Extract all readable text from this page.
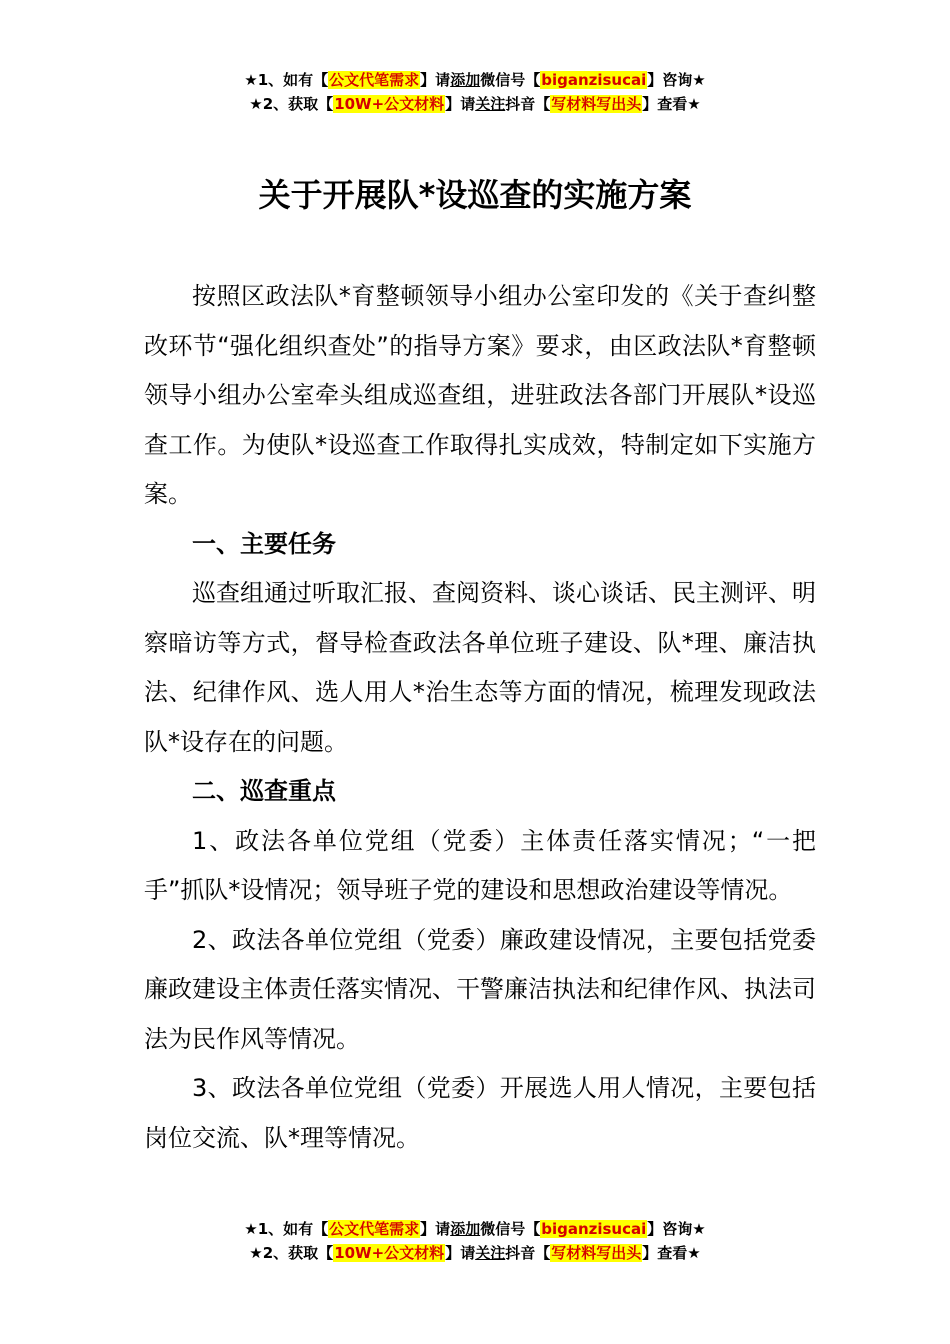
★1、如有【公文代笔需求】请添加微信号【biganzisucai】咨询★
★2、获取【10W+公文材料】请关注抖音【写材料写出头】查看★
关于开展队*设巡查的实施方案

按照区政法队*育整顿领导小组办公室印发的《关于查纠整改环节“强化组织查处”的指导方案》要求，由区政法队*育整顿领导小组办公室牵头组成巡查组，进驻政法各部门开展队*设巡查工作。为使队*设巡查工作取得扎实成效，特制定如下实施方案。

一、主要任务

巡查组通过听取汇报、查阅资料、谈心谈话、民主测评、明察暗访等方式，督导检查政法各单位班子建设、队*理、廉洁执法、纪律作风、选人用人*治生态等方面的情况，梳理发现政法队*设存在的问题。

二、巡查重点

1、政法各单位党组（党委）主体责任落实情况；“一把手”抓队*设情况；领导班子党的建设和思想政治建设等情况。

2、政法各单位党组（党委）廉政建设情况，主要包括党委廉政建设主体责任落实情况、干警廉洁执法和纪律作风、执法司法为民作风等情况。

3、政法各单位党组（党委）开展选人用人情况，主要包括岗位交流、队*理等情况。

★1、如有【公文代笔需求】请添加微信号【biganzisucai】咨询★
★2、获取【10W+公文材料】请关注抖音【写材料写出头】查看★
